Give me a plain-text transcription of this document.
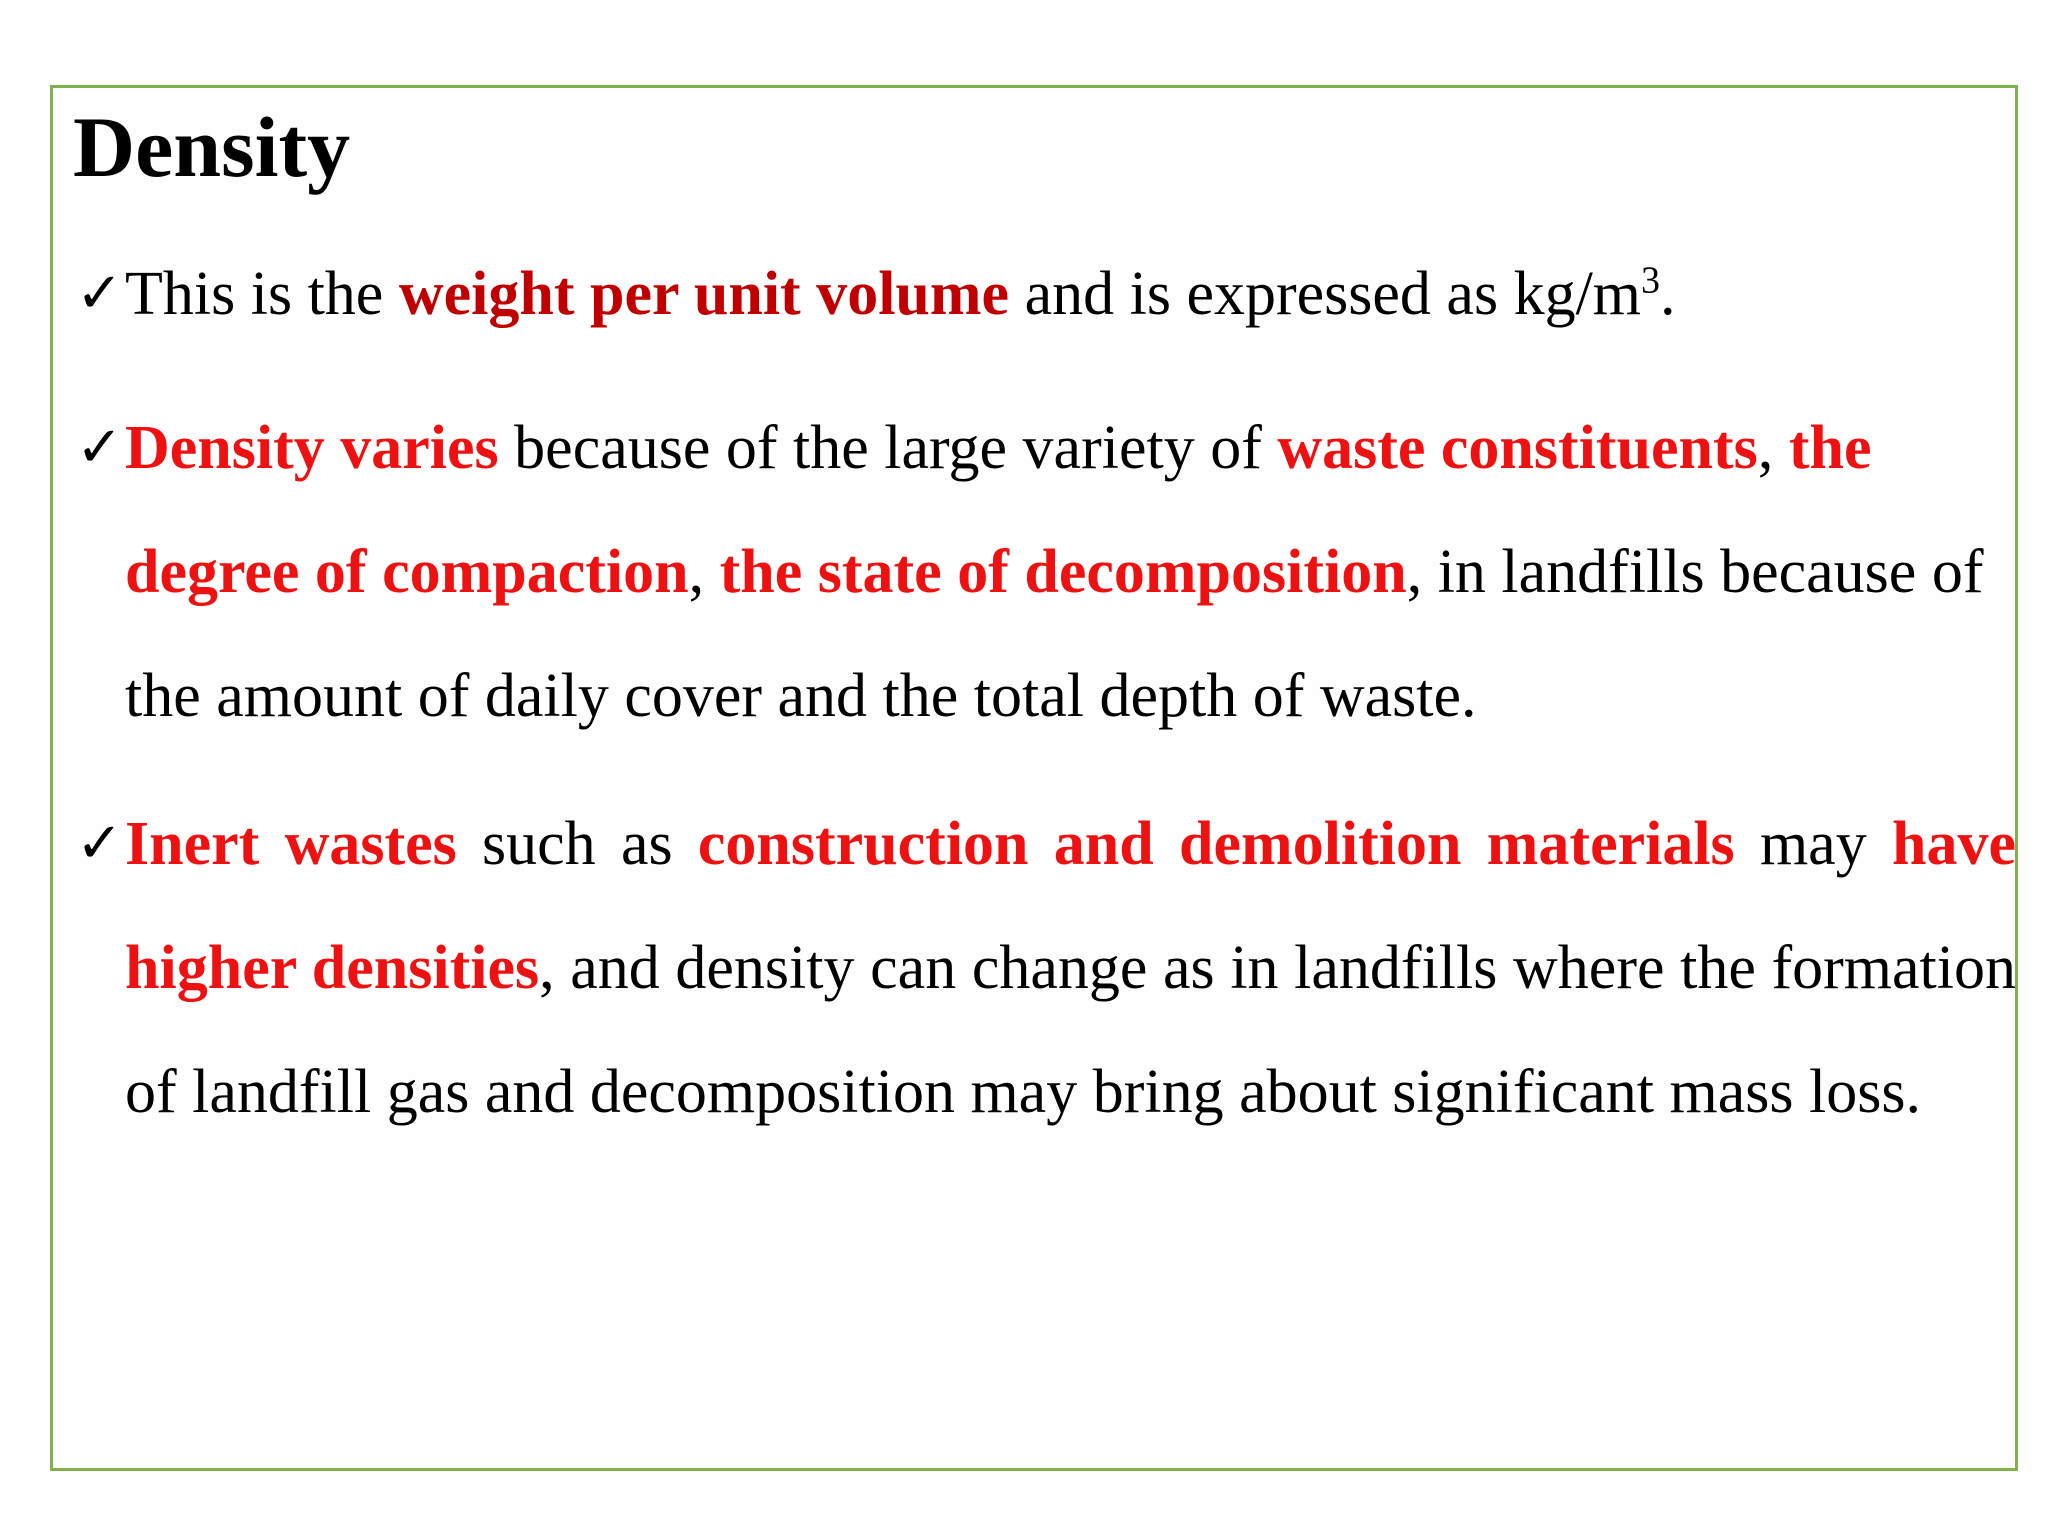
Density

✓ This is the weight per unit volume and is expressed as $kg/m^3$.

✓ Density varies because of the large variety of waste constituents, the degree of compaction, the state of decomposition, in landfills because of the amount of daily cover and the total depth of waste.

✓ Inert wastes such as construction and demolition materials may have higher densities, and density can change as in landfills where the formation of landfill gas and decomposition may bring about significant mass loss.
